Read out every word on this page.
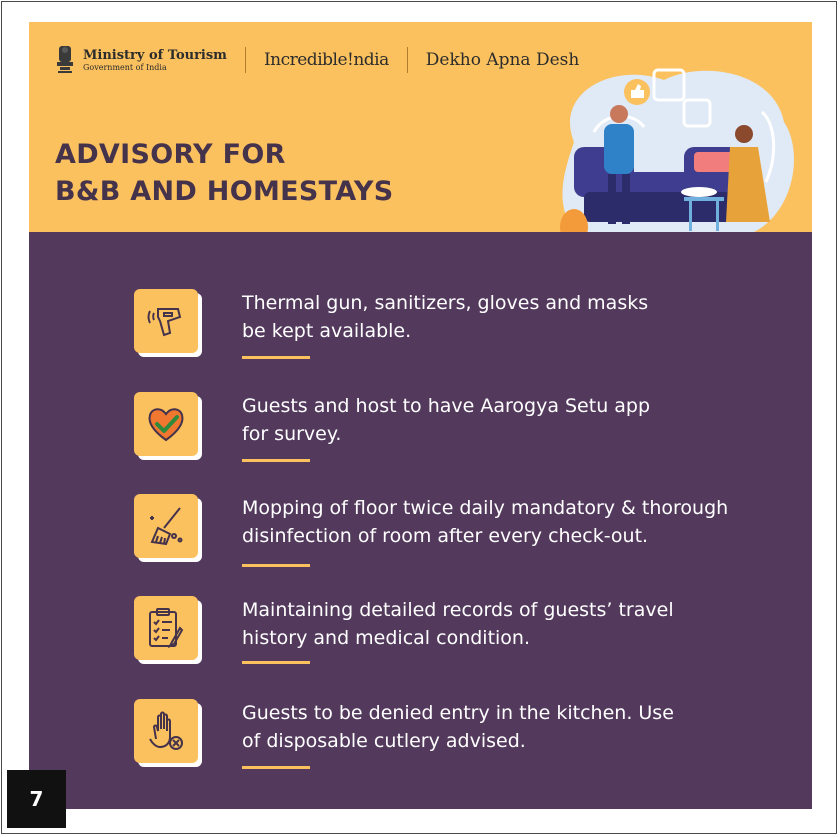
Ministry of Tourism
Government of India	Incredible!ndia Dekho Apna Desh
ADVISORY FOR
B&B AND HOMESTAYS
Thermal gun, sanitizers, gloves and masks
be kept available.
Guests and host to have Aarogya Setu app
for survey.
Mopping of floor twice daily mandatory & thorough
disinfection of room after every check-out.
Maintaining detailed records of guests’ travel
history and medical condition.
Guests to be denied entry in the kitchen. Use
of disposable cutlery advised.
7
